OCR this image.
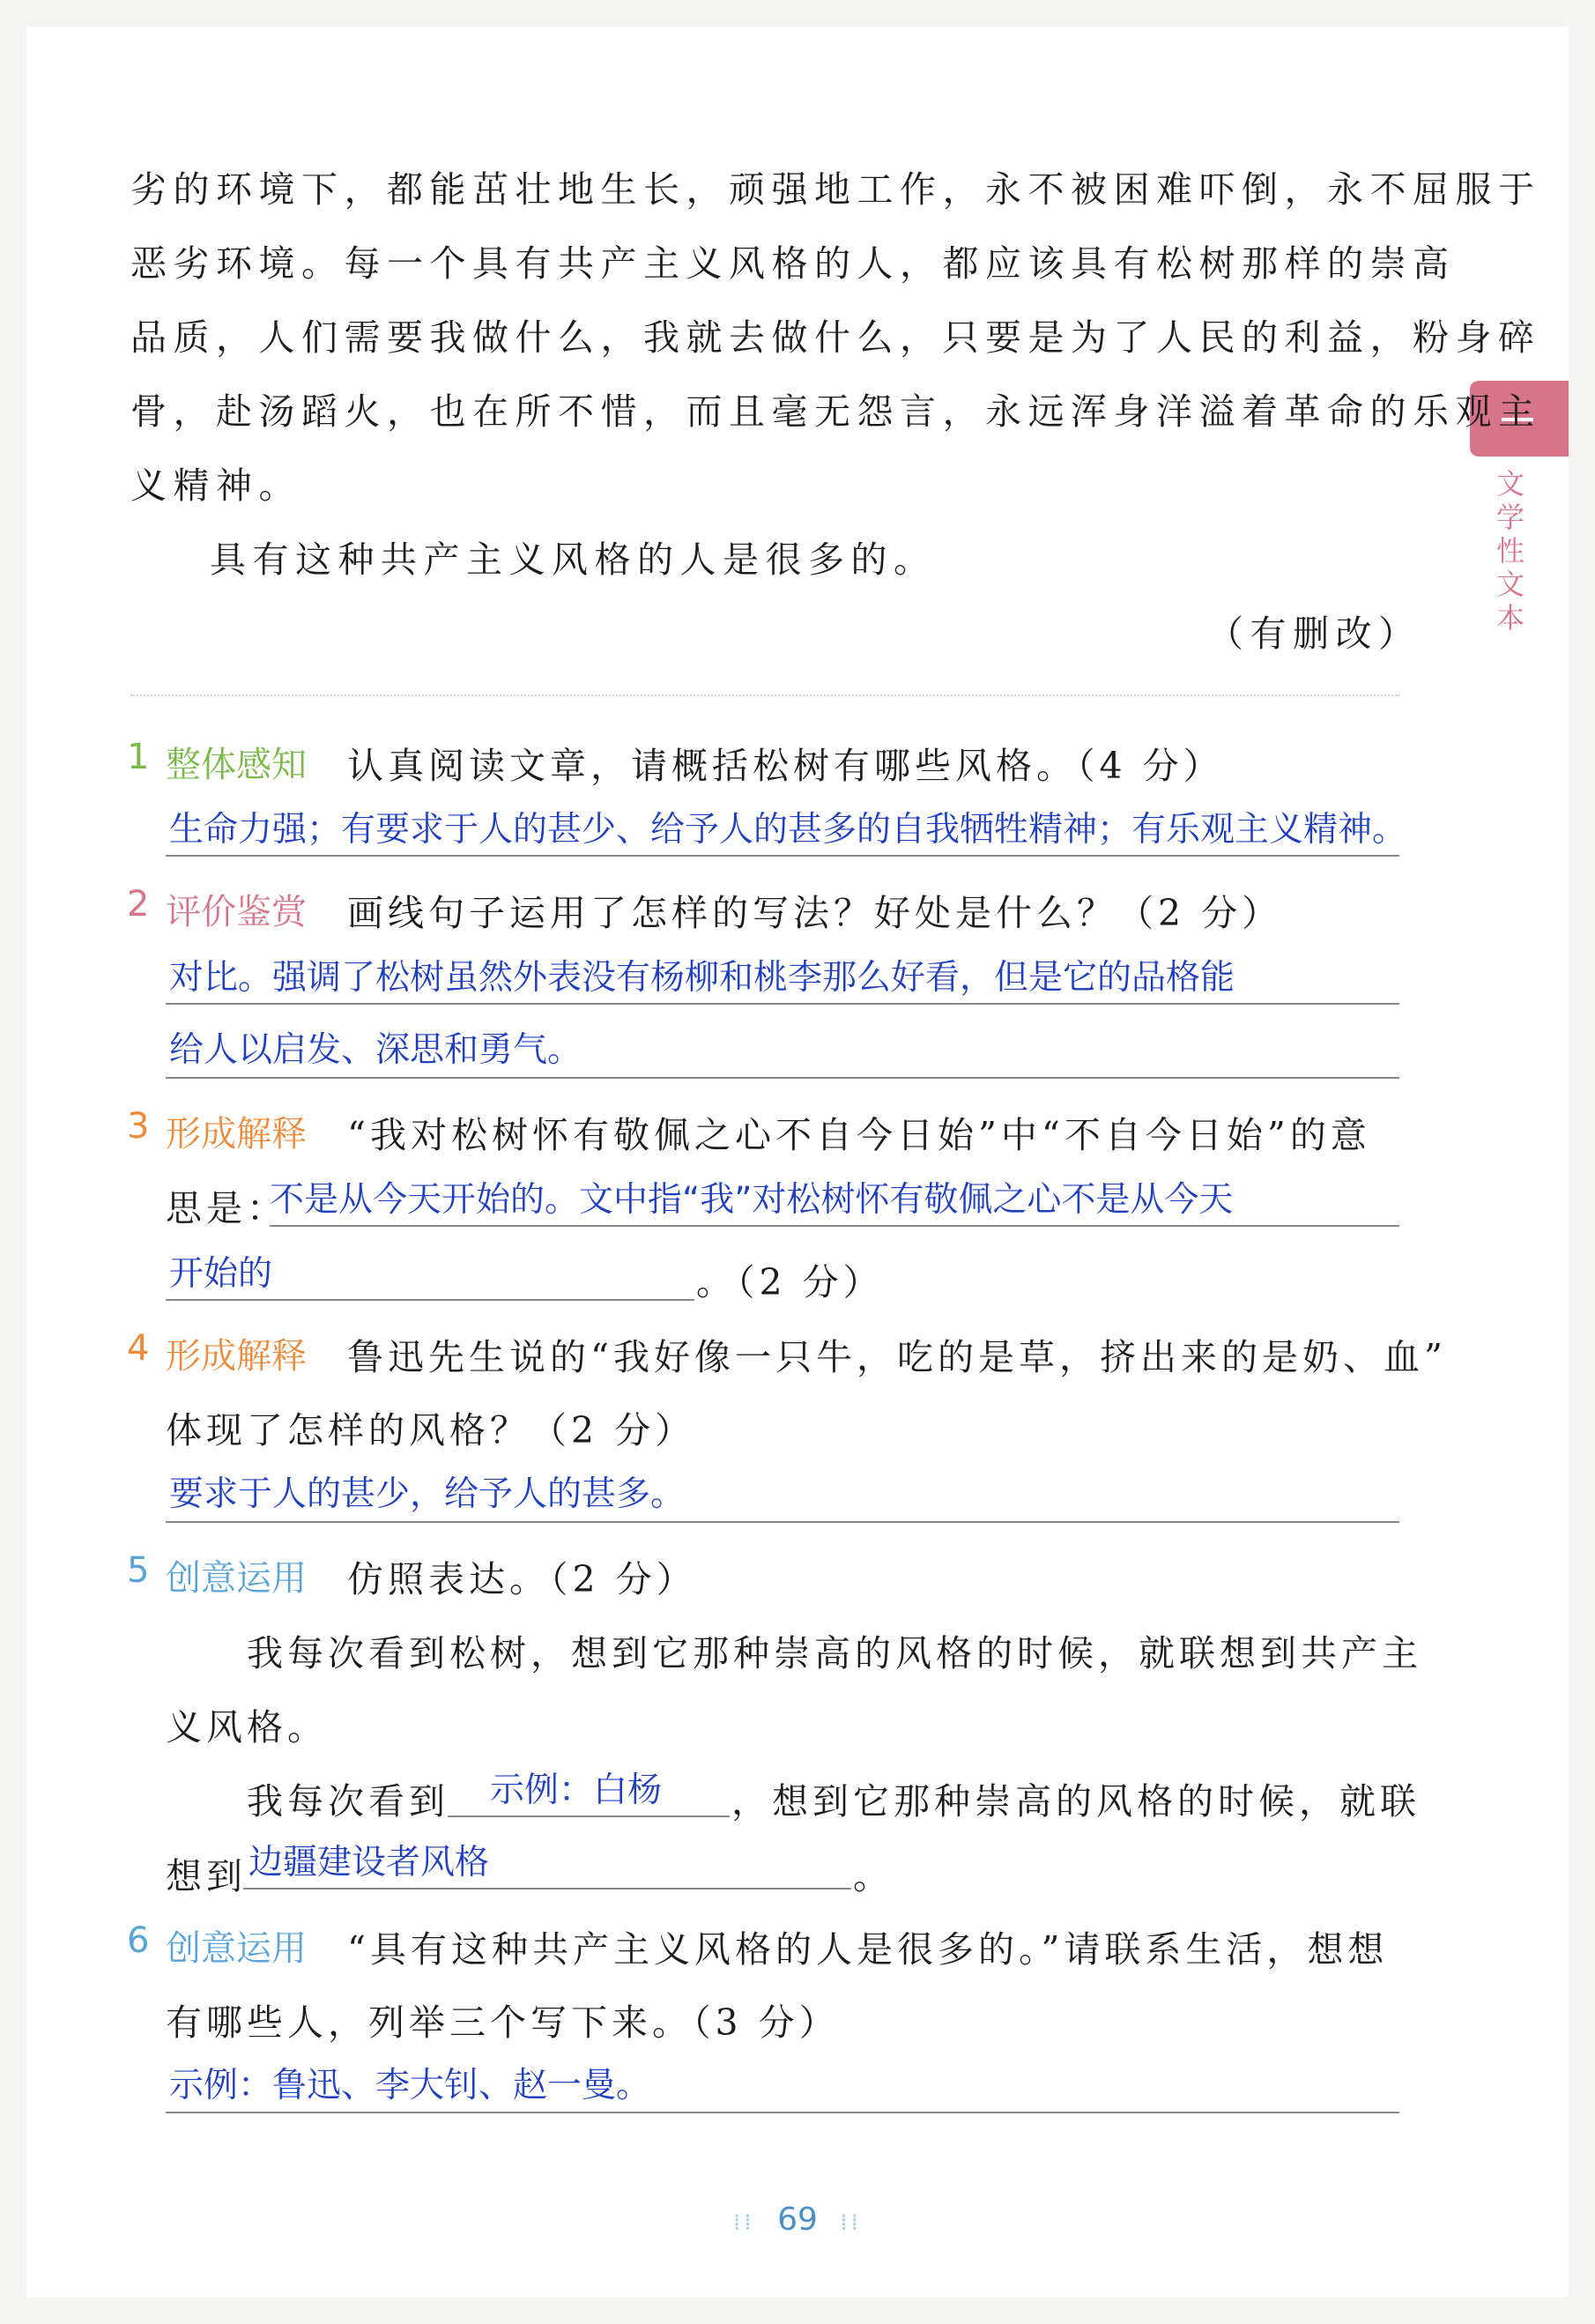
文学性文本
劣的环境下，都能茁壮地生长，顽强地工作，永不被困难吓倒，永不屈服于
恶劣环境。每一个具有共产主义风格的人，都应该具有松树那样的崇高
品质，人们需要我做什么，我就去做什么，只要是为了人民的利益，粉身碎
骨，赴汤蹈火，也在所不惜，而且毫无怨言，永远浑身洋溢着革命的乐观主
义精神。
具有这种共产主义风格的人是很多的。
（有删改）
1 整体感知 认真阅读文章，请概括松树有哪些风格。（4 分）
生命力强；有要求于人的甚少、给予人的甚多的自我牺牲精神；有乐观主义精神。
2 评价鉴赏 画线句子运用了怎样的写法？好处是什么？（2 分）
对比。强调了松树虽然外表没有杨柳和桃李那么好看，但是它的品格能
给人以启发、深思和勇气。
3 形成解释 “我对松树怀有敬佩之心不自今日始”中“不自今日始”的意
思是：
不是从今天开始的。文中指“我”对松树怀有敬佩之心不是从今天
开始的	。（2 分）
4 形成解释 鲁迅先生说的“我好像一只牛，吃的是草，挤出来的是奶、血”
体现了怎样的风格？（2 分）
要求于人的甚少，给予人的甚多。
5 创意运用 仿照表达。（2 分）
我每次看到松树，想到它那种崇高的风格的时候，就联想到共产主
义风格。
我每次看到 示例：白杨 ，想到它那种崇高的风格的时候，就联
想到 边疆建设者风格	。
6 创意运用 “具有这种共产主义风格的人是很多的。”请联系生活，想想
有哪些人，列举三个写下来。（3 分）
示例：鲁迅、李大钊、赵一曼。
⁞⁞ 69 ⁞⁞
